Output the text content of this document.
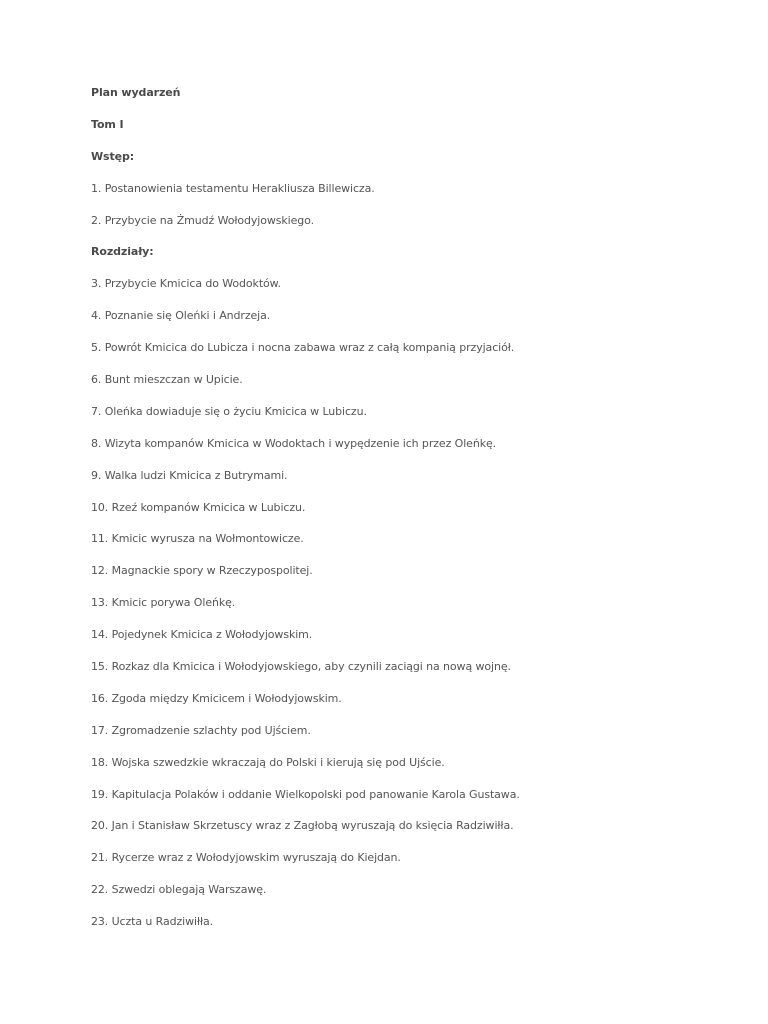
Plan wydarzeń
Tom I
Wstęp:
1. Postanowienia testamentu Herakliusza Billewicza.
2. Przybycie na Żmudź Wołodyjowskiego.
Rozdziały:
3. Przybycie Kmicica do Wodoktów.
4. Poznanie się Oleńki i Andrzeja.
5. Powrót Kmicica do Lubicza i nocna zabawa wraz z całą kompanią przyjaciół.
6. Bunt mieszczan w Upicie.
7. Oleńka dowiaduje się o życiu Kmicica w Lubiczu.
8. Wizyta kompanów Kmicica w Wodoktach i wypędzenie ich przez Oleńkę.
9. Walka ludzi Kmicica z Butrymami.
10. Rzeź kompanów Kmicica w Lubiczu.
11. Kmicic wyrusza na Wołmontowicze.
12. Magnackie spory w Rzeczypospolitej.
13. Kmicic porywa Oleńkę.
14. Pojedynek Kmicica z Wołodyjowskim.
15. Rozkaz dla Kmicica i Wołodyjowskiego, aby czynili zaciągi na nową wojnę.
16. Zgoda między Kmicicem i Wołodyjowskim.
17. Zgromadzenie szlachty pod Ujściem.
18. Wojska szwedzkie wkraczają do Polski i kierują się pod Ujście.
19. Kapitulacja Polaków i oddanie Wielkopolski pod panowanie Karola Gustawa.
20. Jan i Stanisław Skrzetuscy wraz z Zagłobą wyruszają do księcia Radziwiłła.
21. Rycerze wraz z Wołodyjowskim wyruszają do Kiejdan.
22. Szwedzi oblegają Warszawę.
23. Uczta u Radziwiłła.
